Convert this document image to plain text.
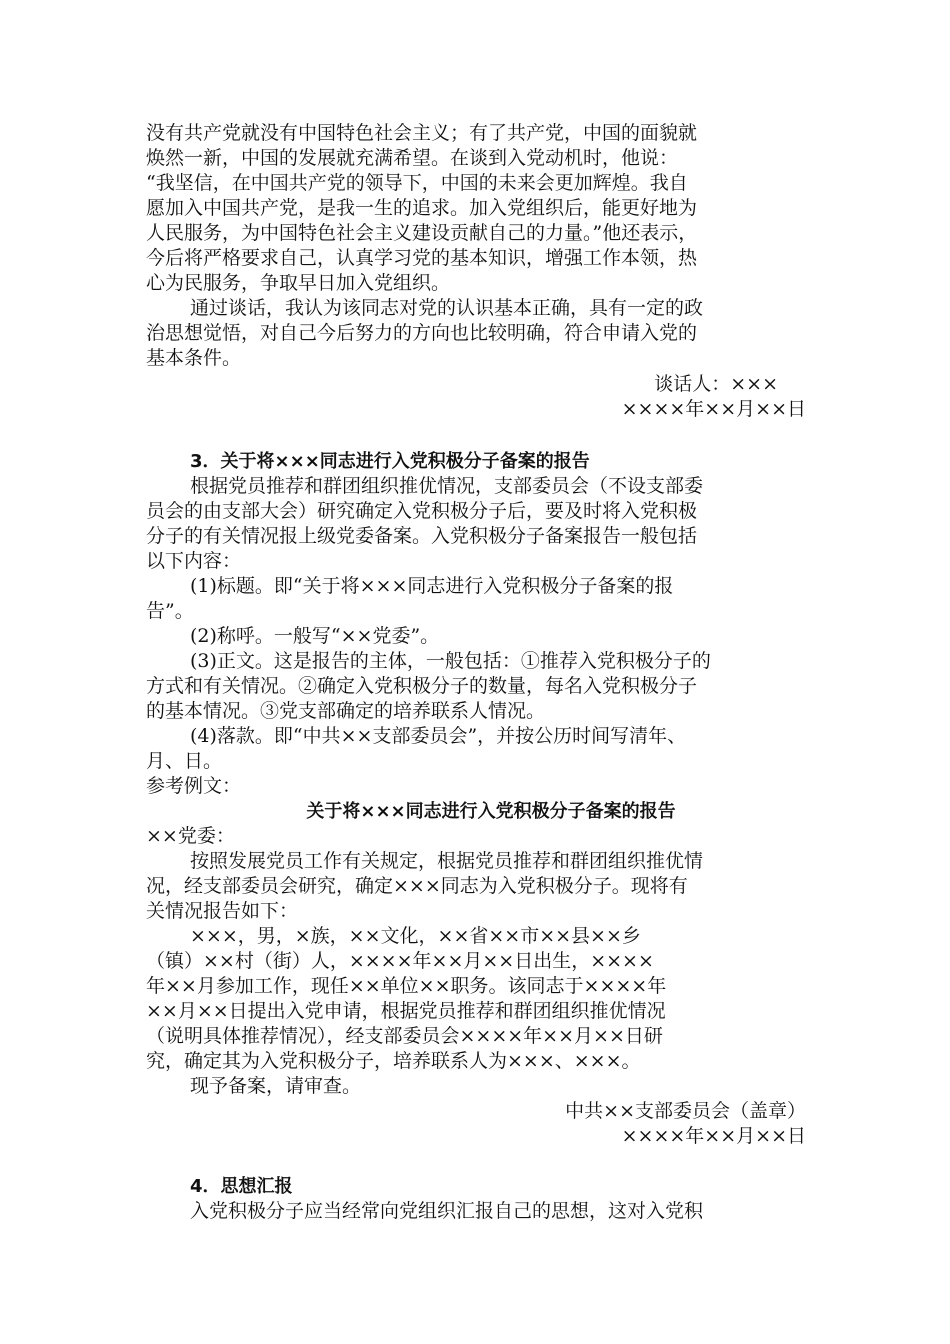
没有共产党就没有中国特色社会主义；有了共产党，中国的面貌就
焕然一新，中国的发展就充满希望。在谈到入党动机时，他说：
“我坚信，在中国共产党的领导下，中国的未来会更加辉煌。我自
愿加入中国共产党，是我一生的追求。加入党组织后，能更好地为
人民服务，为中国特色社会主义建设贡献自己的力量。”他还表示，
今后将严格要求自己，认真学习党的基本知识，增强工作本领，热
心为民服务，争取早日加入党组织。
通过谈话，我认为该同志对党的认识基本正确，具有一定的政
治思想觉悟，对自己今后努力的方向也比较明确，符合申请入党的
基本条件。
谈话人：×××
××××年××月××日
3．关于将×××同志进行入党积极分子备案的报告
根据党员推荐和群团组织推优情况，支部委员会（不设支部委
员会的由支部大会）研究确定入党积极分子后，要及时将入党积极
分子的有关情况报上级党委备案。入党积极分子备案报告一般包括
以下内容：
(1)标题。即“关于将×××同志进行入党积极分子备案的报
告”。
(2)称呼。一般写“××党委”。
(3)正文。这是报告的主体，一般包括：①推荐入党积极分子的
方式和有关情况。②确定入党积极分子的数量，每名入党积极分子
的基本情况。③党支部确定的培养联系人情况。
(4)落款。即“中共××支部委员会”，并按公历时间写清年、
月、日。
参考例文：
关于将×××同志进行入党积极分子备案的报告
××党委：
按照发展党员工作有关规定，根据党员推荐和群团组织推优情
况，经支部委员会研究，确定×××同志为入党积极分子。现将有
关情况报告如下：
×××，男，×族，××文化，××省××市××县××乡
（镇）××村（街）人，××××年××月××日出生，××××
年××月参加工作，现任××单位××职务。该同志于××××年
××月××日提出入党申请，根据党员推荐和群团组织推优情况
（说明具体推荐情况），经支部委员会××××年××月××日研
究，确定其为入党积极分子，培养联系人为×××、×××。
现予备案，请审查。
中共××支部委员会（盖章）
××××年××月××日
4．思想汇报
入党积极分子应当经常向党组织汇报自己的思想，这对入党积
